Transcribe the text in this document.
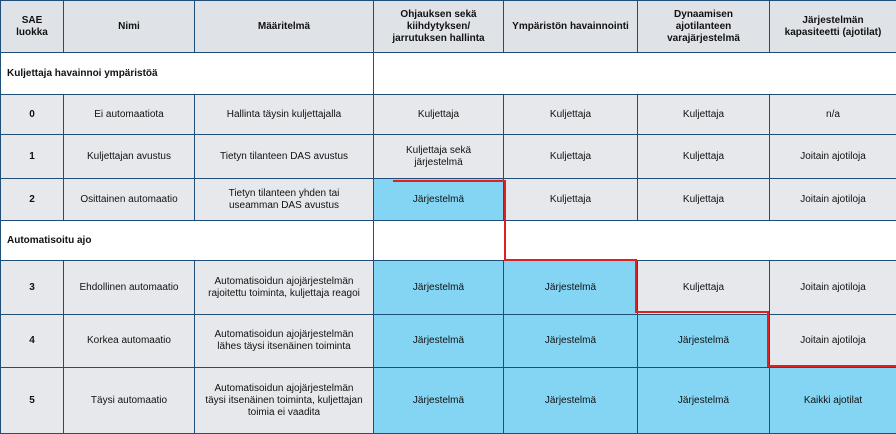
SAE
luokka	Nimi	Määritelmä	Ohjauksen sekä
kiihdytyksen/
jarrutuksen hallinta	Ympäristön havainnointi	Dynaamisen
ajotilanteen
varajärjestelmä	Järjestelmän
kapasiteetti (ajotilat)
Kuljettaja havainnoi ympäristöä						
0	Ei automaatiota	Hallinta täysin kuljettajalla	Kuljettaja	Kuljettaja	Kuljettaja	n/a
1	Kuljettajan avustus	Tietyn tilanteen DAS avustus	Kuljettaja sekä
järjestelmä	Kuljettaja	Kuljettaja	Joitain ajotiloja
2	Osittainen automaatio	Tietyn tilanteen yhden tai
useamman DAS avustus	Järjestelmä	Kuljettaja	Kuljettaja	Joitain ajotiloja
Automatisoitu ajo						
3	Ehdollinen automaatio	Automatisoidun ajojärjestelmän
rajoitettu toiminta, kuljettaja reagoi	Järjestelmä	Järjestelmä	Kuljettaja	Joitain ajotiloja
4	Korkea automaatio	Automatisoidun ajojärjestelmän
lähes täysi itsenäinen toiminta	Järjestelmä	Järjestelmä	Järjestelmä	Joitain ajotiloja
5	Täysi automaatio	Automatisoidun ajojärjestelmän
täysi itsenäinen toiminta, kuljettajan
toimia ei vaadita	Järjestelmä	Järjestelmä	Järjestelmä	Kaikki ajotilat
